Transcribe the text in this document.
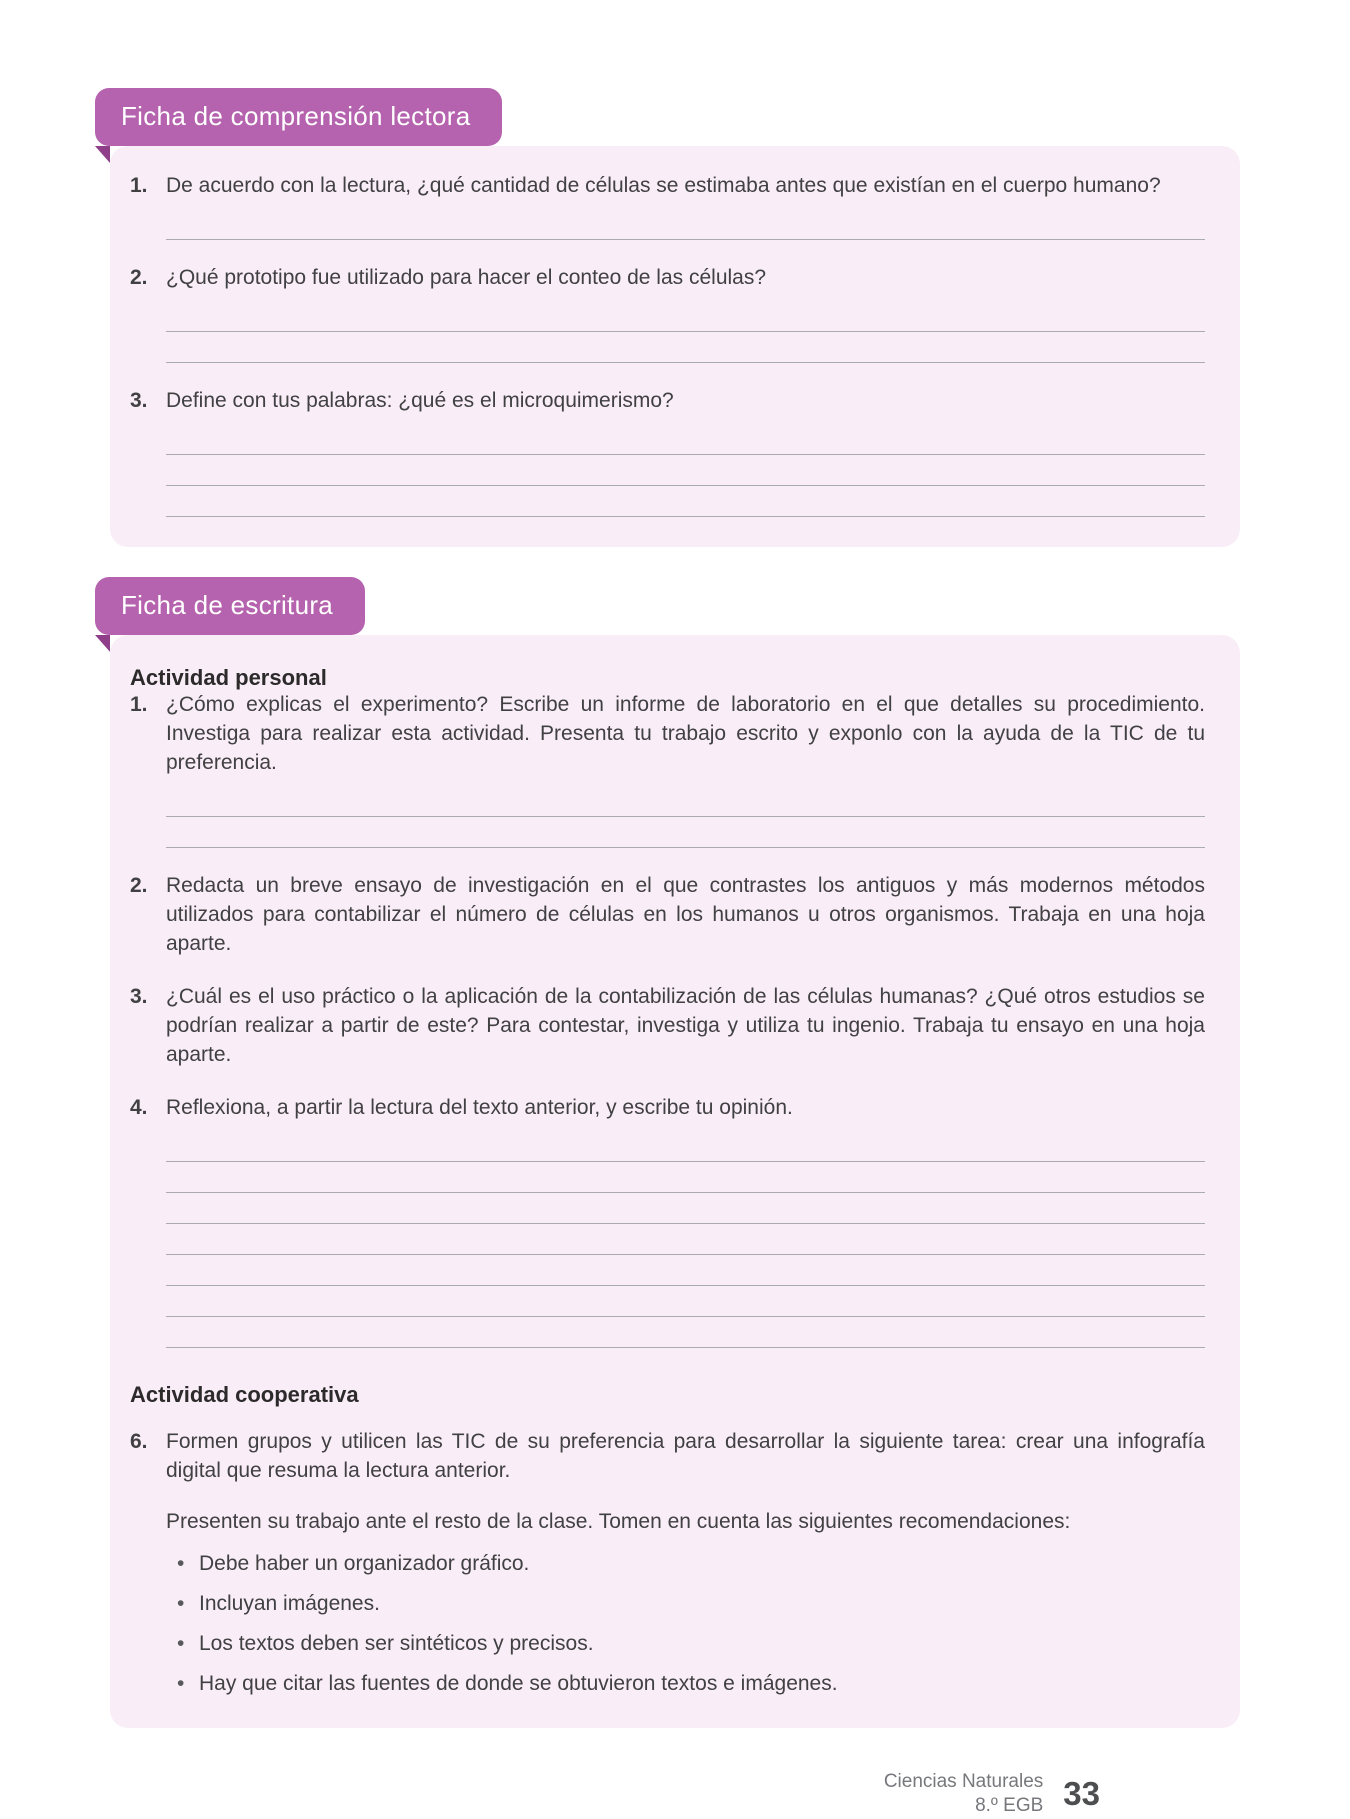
Ficha de comprensión lectora
1. De acuerdo con la lectura, ¿qué cantidad de células se estimaba antes que existían en el cuerpo humano?

2. ¿Qué prototipo fue utilizado para hacer el conteo de las células?

3. Define con tus palabras: ¿qué es el microquimerismo?

Ficha de escritura
Actividad personal
1. ¿Cómo explicas el experimento? Escribe un informe de laboratorio en el que detalles su procedimiento. Investiga para realizar esta actividad. Presenta tu trabajo escrito y exponlo con la ayuda de la TIC de tu preferencia.

2. Redacta un breve ensayo de investigación en el que contrastes los antiguos y más modernos métodos utilizados para contabilizar el número de células en los humanos u otros organismos. Trabaja en una hoja aparte.

3. ¿Cuál es el uso práctico o la aplicación de la contabilización de las células humanas? ¿Qué otros estudios se podrían realizar a partir de este? Para contestar, investiga y utiliza tu ingenio. Trabaja tu ensayo en una hoja aparte.

4. Reflexiona, a partir la lectura del texto anterior, y escribe tu opinión.

Actividad cooperativa
6. Formen grupos y utilicen las TIC de su preferencia para desarrollar la siguiente tarea: crear una infografía digital que resuma la lectura anterior.

Presenten su trabajo ante el resto de la clase. Tomen en cuenta las siguientes recomendaciones:

• Debe haber un organizador gráfico.
• Incluyan imágenes.
• Los textos deben ser sintéticos y precisos.
• Hay que citar las fuentes de donde se obtuvieron textos e imágenes.
Ciencias Naturales
8.º EGB 33
